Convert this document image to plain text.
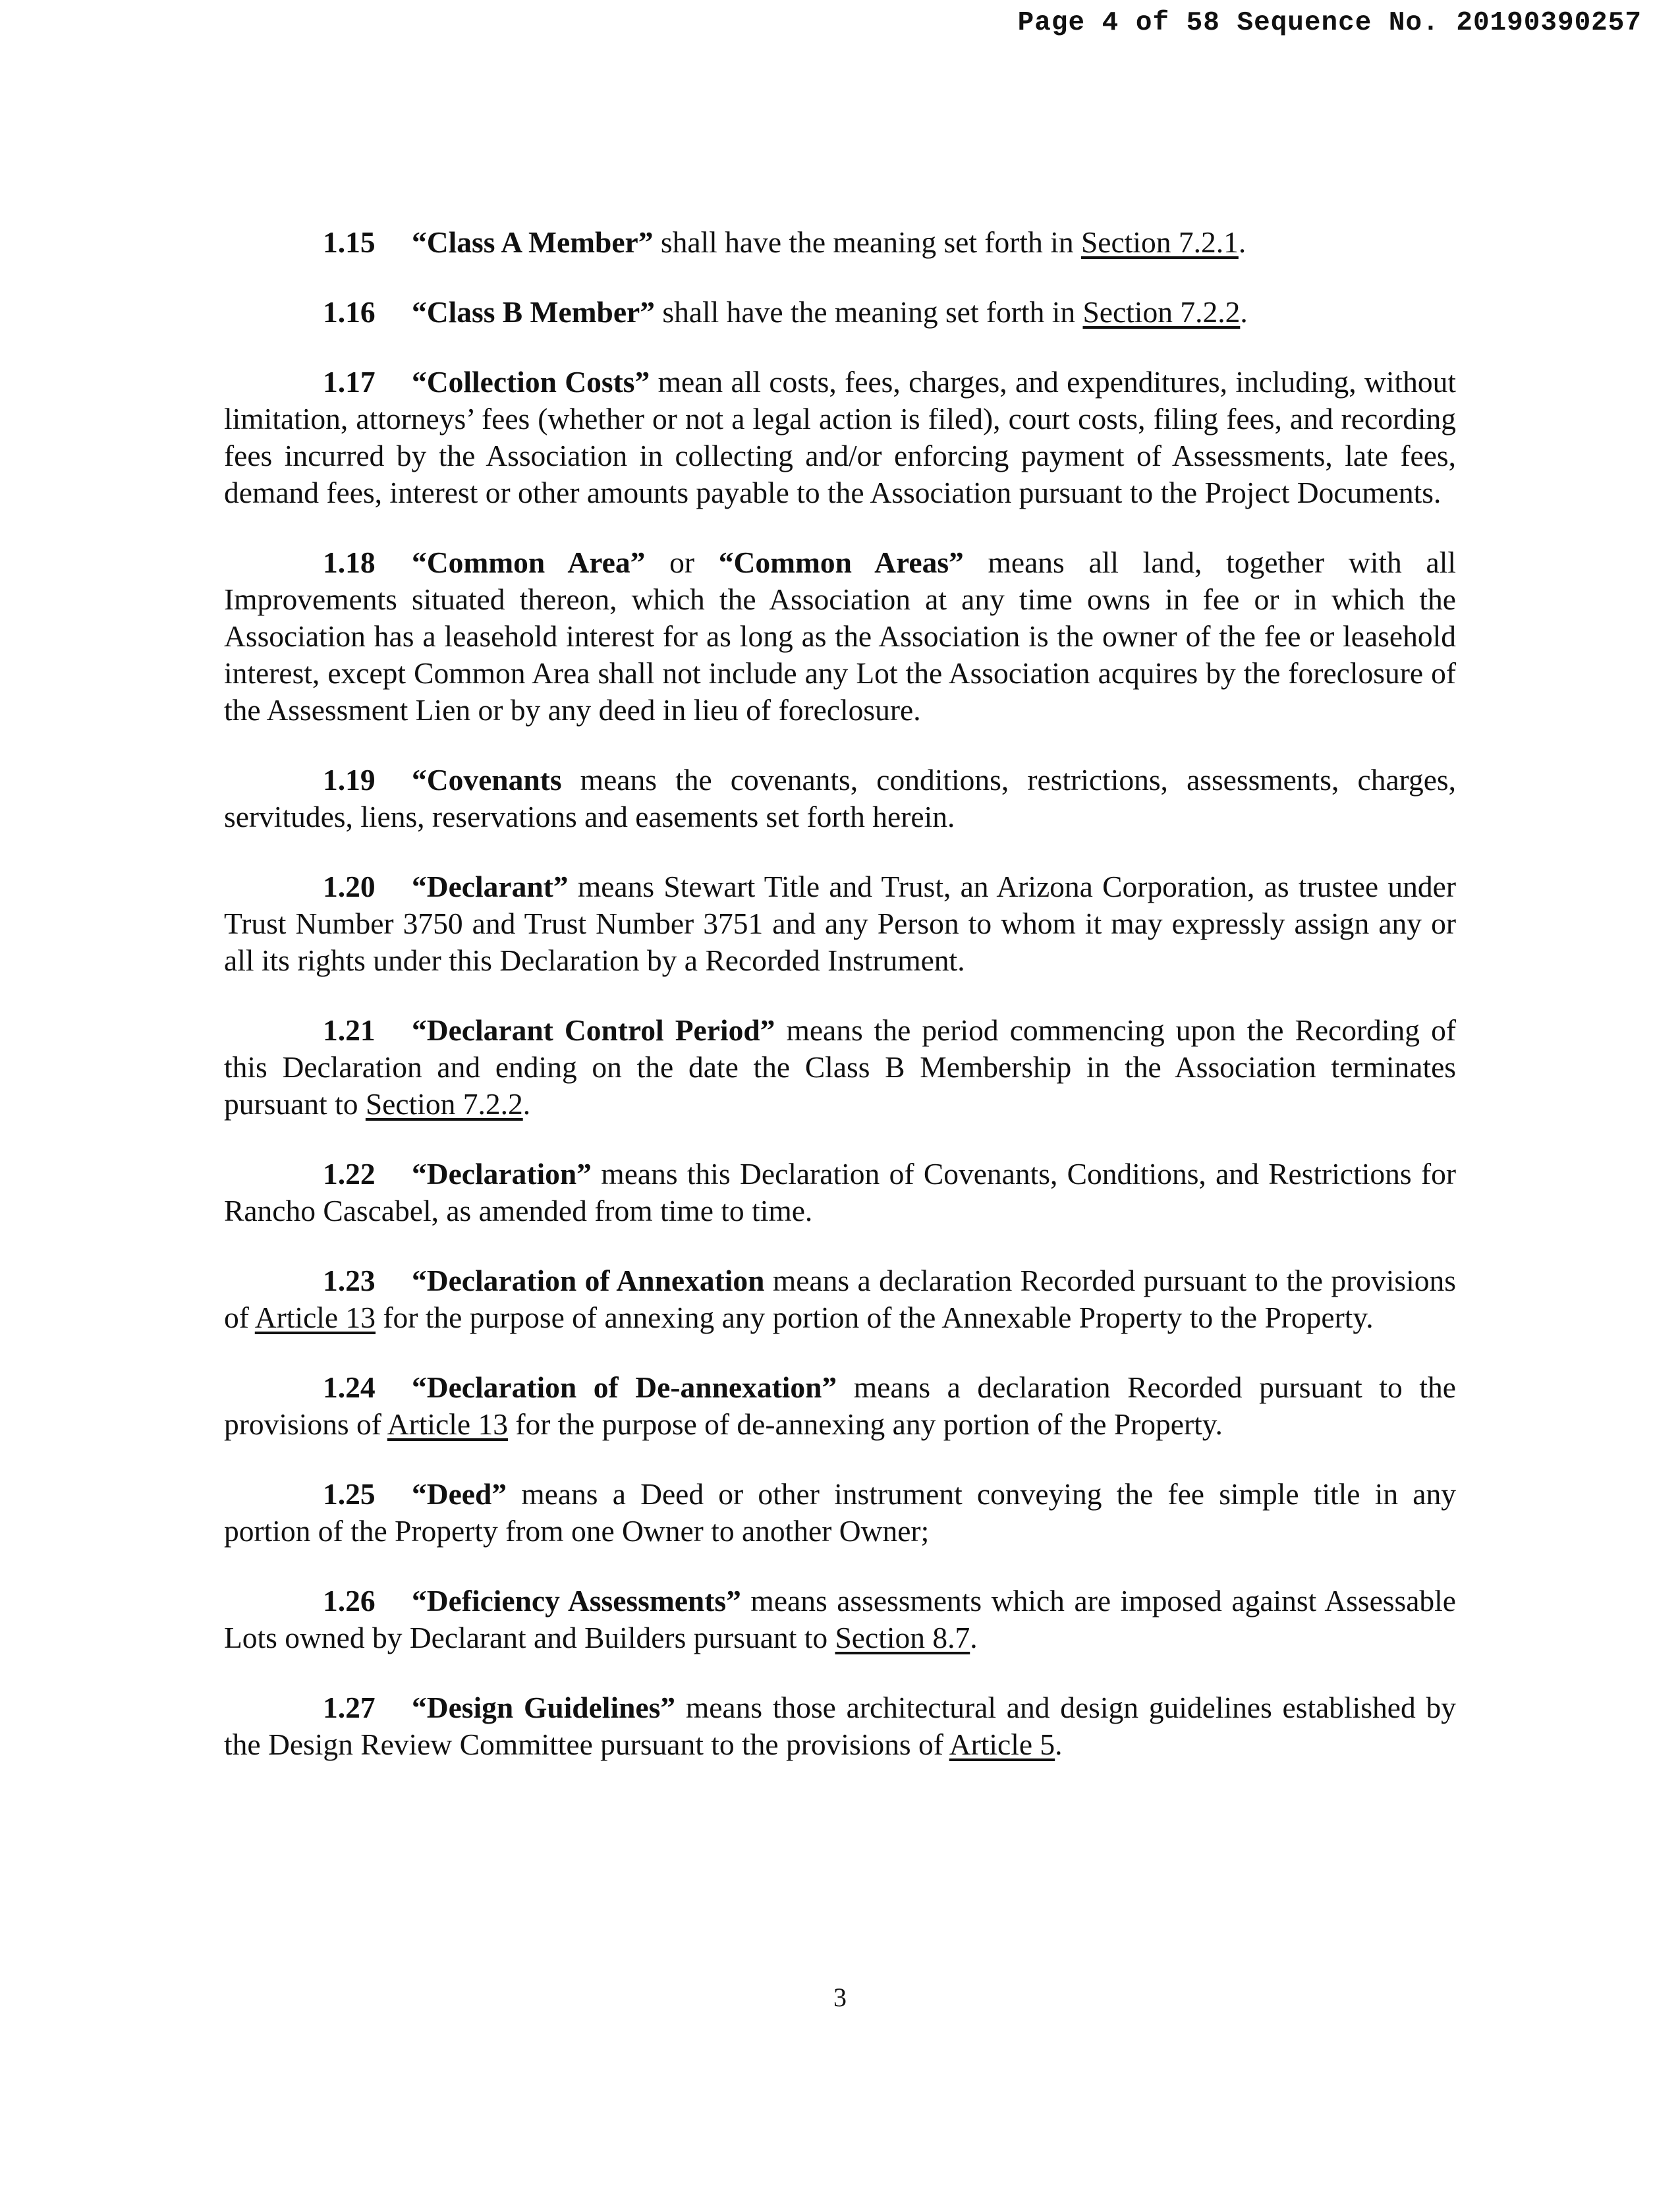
Page 4 of 58 Sequence No. 20190390257

1.15 “Class A Member” shall have the meaning set forth in Section 7.2.1.

1.16 “Class B Member” shall have the meaning set forth in Section 7.2.2.

1.17 “Collection Costs” mean all costs, fees, charges, and expenditures, including, without limitation, attorneys’ fees (whether or not a legal action is filed), court costs, filing fees, and recording fees incurred by the Association in collecting and/or enforcing payment of Assessments, late fees, demand fees, interest or other amounts payable to the Association pursuant to the Project Documents.

1.18 “Common Area” or “Common Areas” means all land, together with all Improvements situated thereon, which the Association at any time owns in fee or in which the Association has a leasehold interest for as long as the Association is the owner of the fee or leasehold interest, except Common Area shall not include any Lot the Association acquires by the foreclosure of the Assessment Lien or by any deed in lieu of foreclosure.

1.19 “Covenants means the covenants, conditions, restrictions, assessments, charges, servitudes, liens, reservations and easements set forth herein.

1.20 “Declarant” means Stewart Title and Trust, an Arizona Corporation, as trustee under Trust Number 3750 and Trust Number 3751 and any Person to whom it may expressly assign any or all its rights under this Declaration by a Recorded Instrument.

1.21 “Declarant Control Period” means the period commencing upon the Recording of this Declaration and ending on the date the Class B Membership in the Association terminates pursuant to Section 7.2.2.

1.22 “Declaration” means this Declaration of Covenants, Conditions, and Restrictions for Rancho Cascabel, as amended from time to time.

1.23 “Declaration of Annexation means a declaration Recorded pursuant to the provisions of Article 13 for the purpose of annexing any portion of the Annexable Property to the Property.

1.24 “Declaration of De-annexation” means a declaration Recorded pursuant to the provisions of Article 13 for the purpose of de-annexing any portion of the Property.

1.25 “Deed” means a Deed or other instrument conveying the fee simple title in any portion of the Property from one Owner to another Owner;

1.26 “Deficiency Assessments” means assessments which are imposed against Assessable Lots owned by Declarant and Builders pursuant to Section 8.7.

1.27 “Design Guidelines” means those architectural and design guidelines established by the Design Review Committee pursuant to the provisions of Article 5.

3
